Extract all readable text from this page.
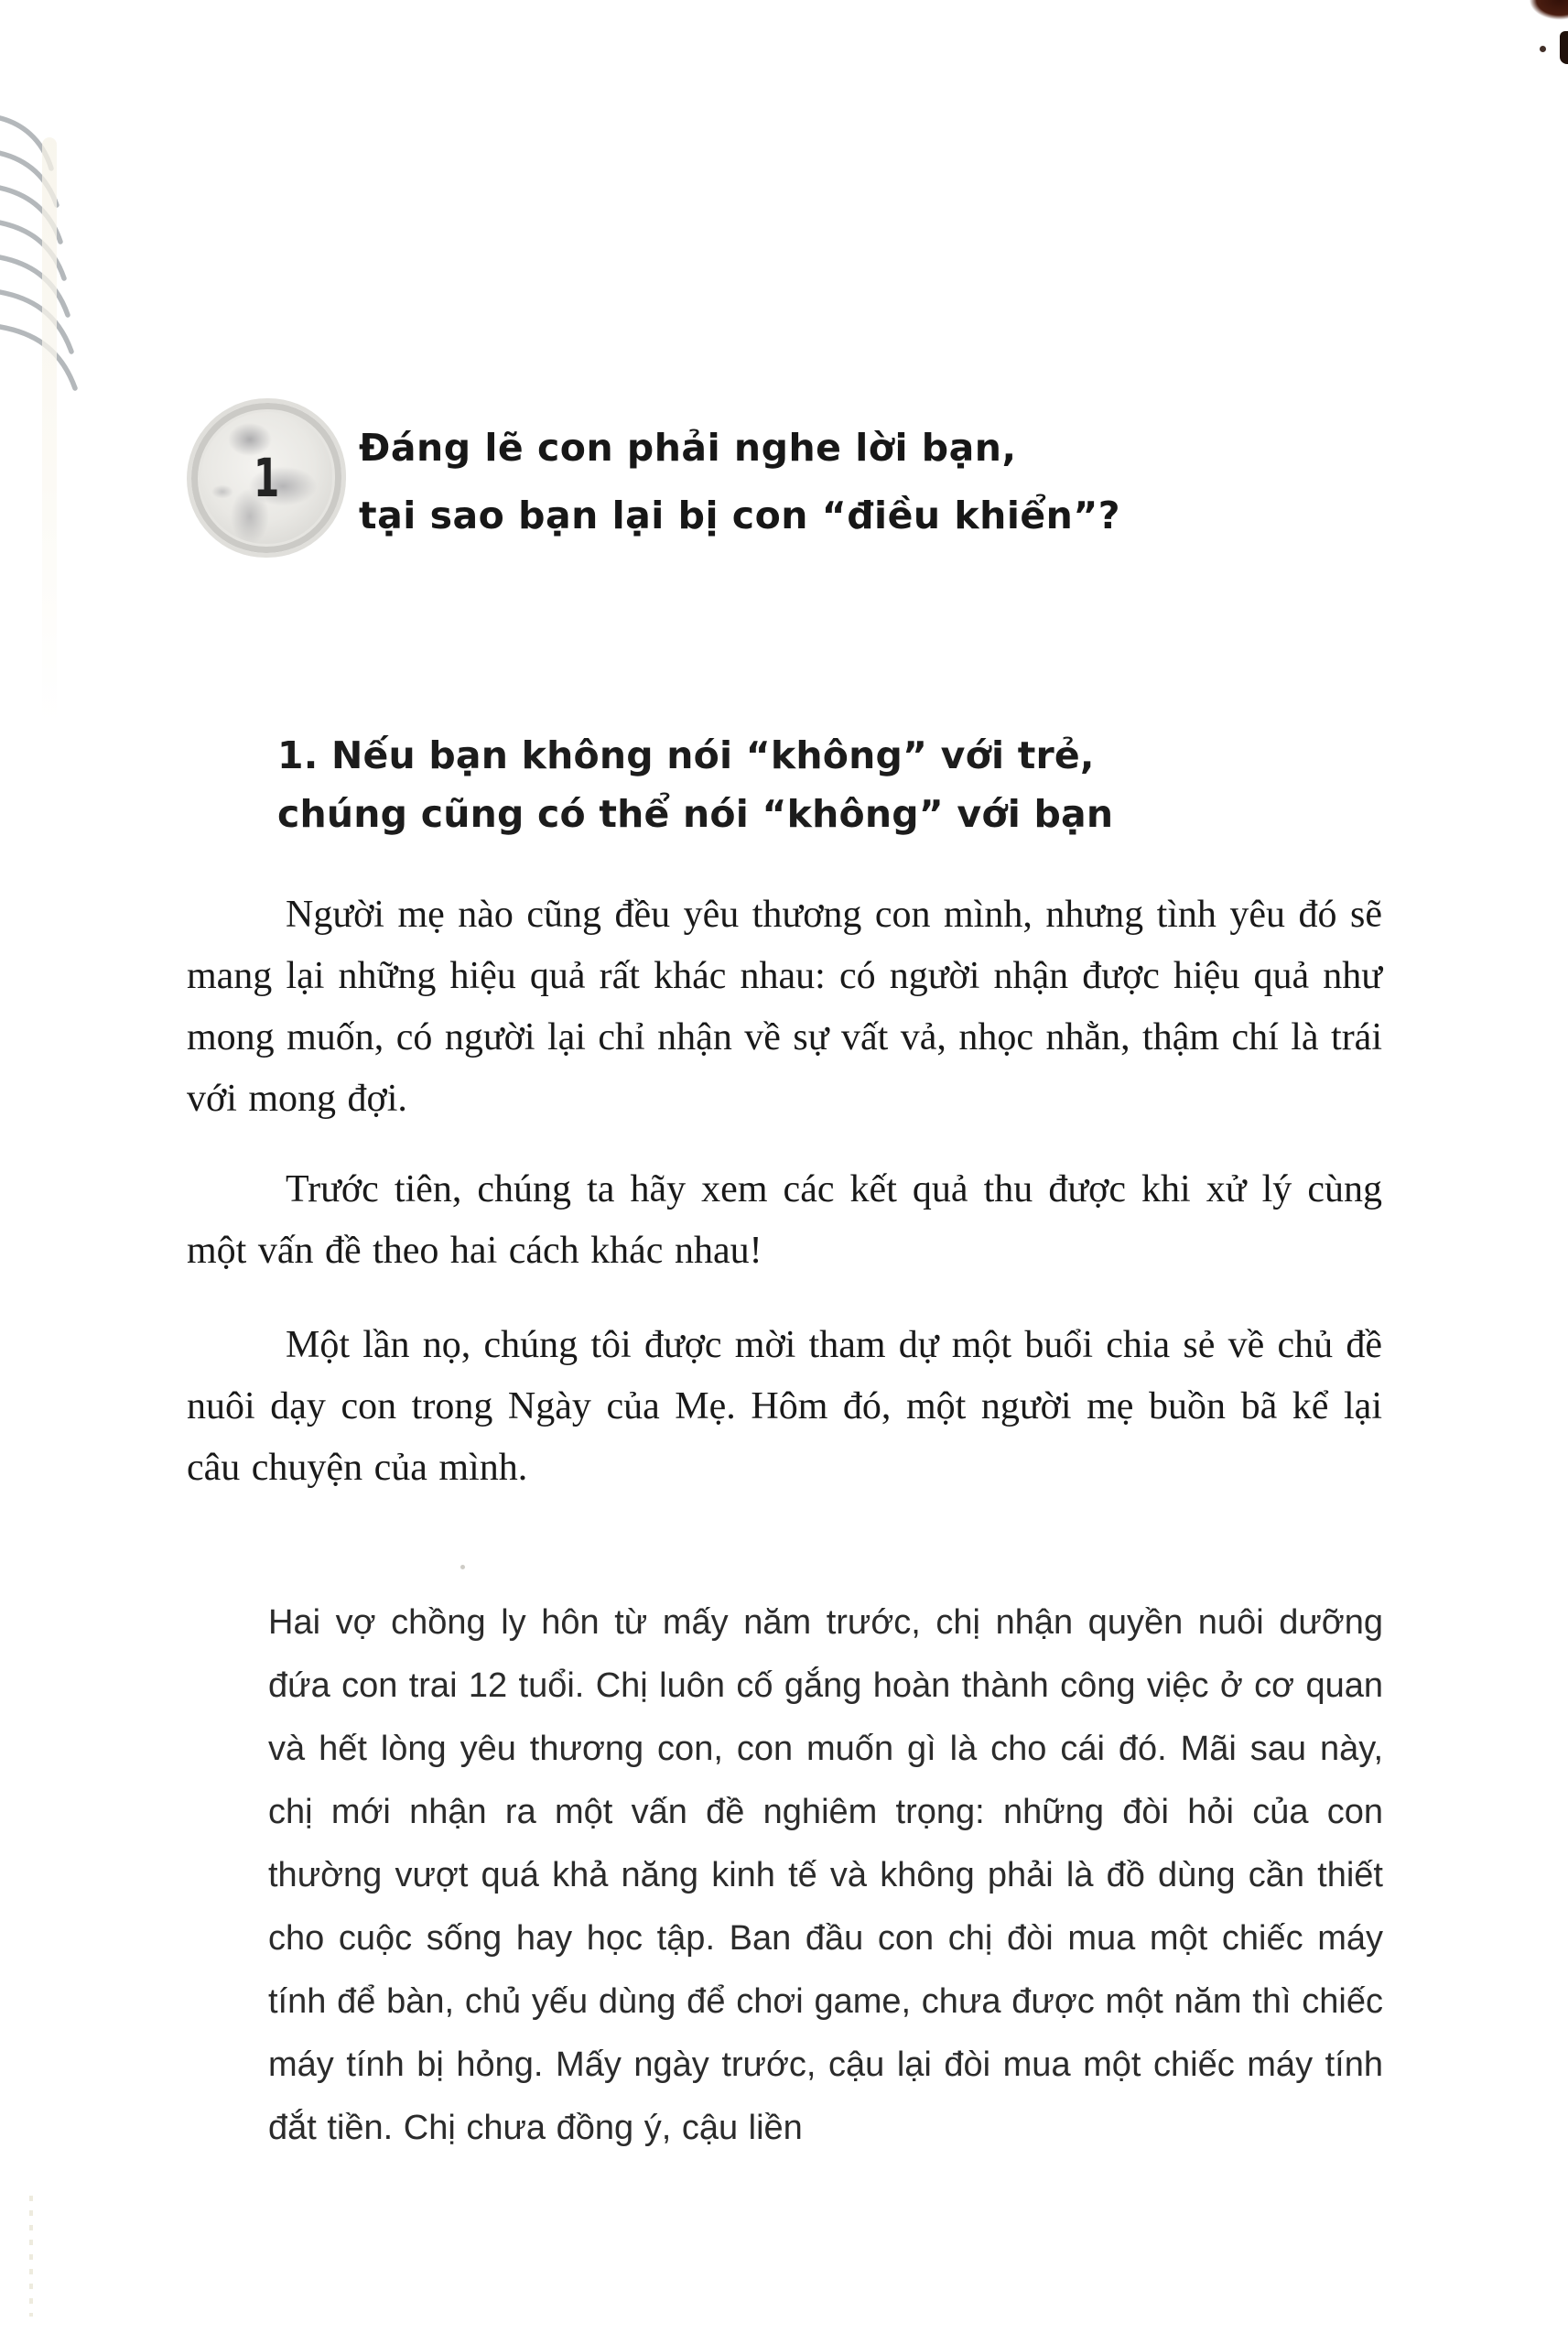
1 Đáng lẽ con phải nghe lời bạn,
tại sao bạn lại bị con “điều khiển”?
1. Nếu bạn không nói “không” với trẻ,
chúng cũng có thể nói “không” với bạn

Người mẹ nào cũng đều yêu thương con mình, nhưng tình yêu đó sẽ mang lại những hiệu quả rất khác nhau: có người nhận được hiệu quả như mong muốn, có người lại chỉ nhận về sự vất vả, nhọc nhằn, thậm chí là trái với mong đợi.

Trước tiên, chúng ta hãy xem các kết quả thu được khi xử lý cùng một vấn đề theo hai cách khác nhau!

Một lần nọ, chúng tôi được mời tham dự một buổi chia sẻ về chủ đề nuôi dạy con trong Ngày của Mẹ. Hôm đó, một người mẹ buồn bã kể lại câu chuyện của mình.

Hai vợ chồng ly hôn từ mấy năm trước, chị nhận quyền nuôi dưỡng đứa con trai 12 tuổi. Chị luôn cố gắng hoàn thành công việc ở cơ quan và hết lòng yêu thương con, con muốn gì là cho cái đó. Mãi sau này, chị mới nhận ra một vấn đề nghiêm trọng: những đòi hỏi của con thường vượt quá khả năng kinh tế và không phải là đồ dùng cần thiết cho cuộc sống hay học tập. Ban đầu con chị đòi mua một chiếc máy tính để bàn, chủ yếu dùng để chơi game, chưa được một năm thì chiếc máy tính bị hỏng. Mấy ngày trước, cậu lại đòi mua một chiếc máy tính đắt tiền. Chị chưa đồng ý, cậu liền
